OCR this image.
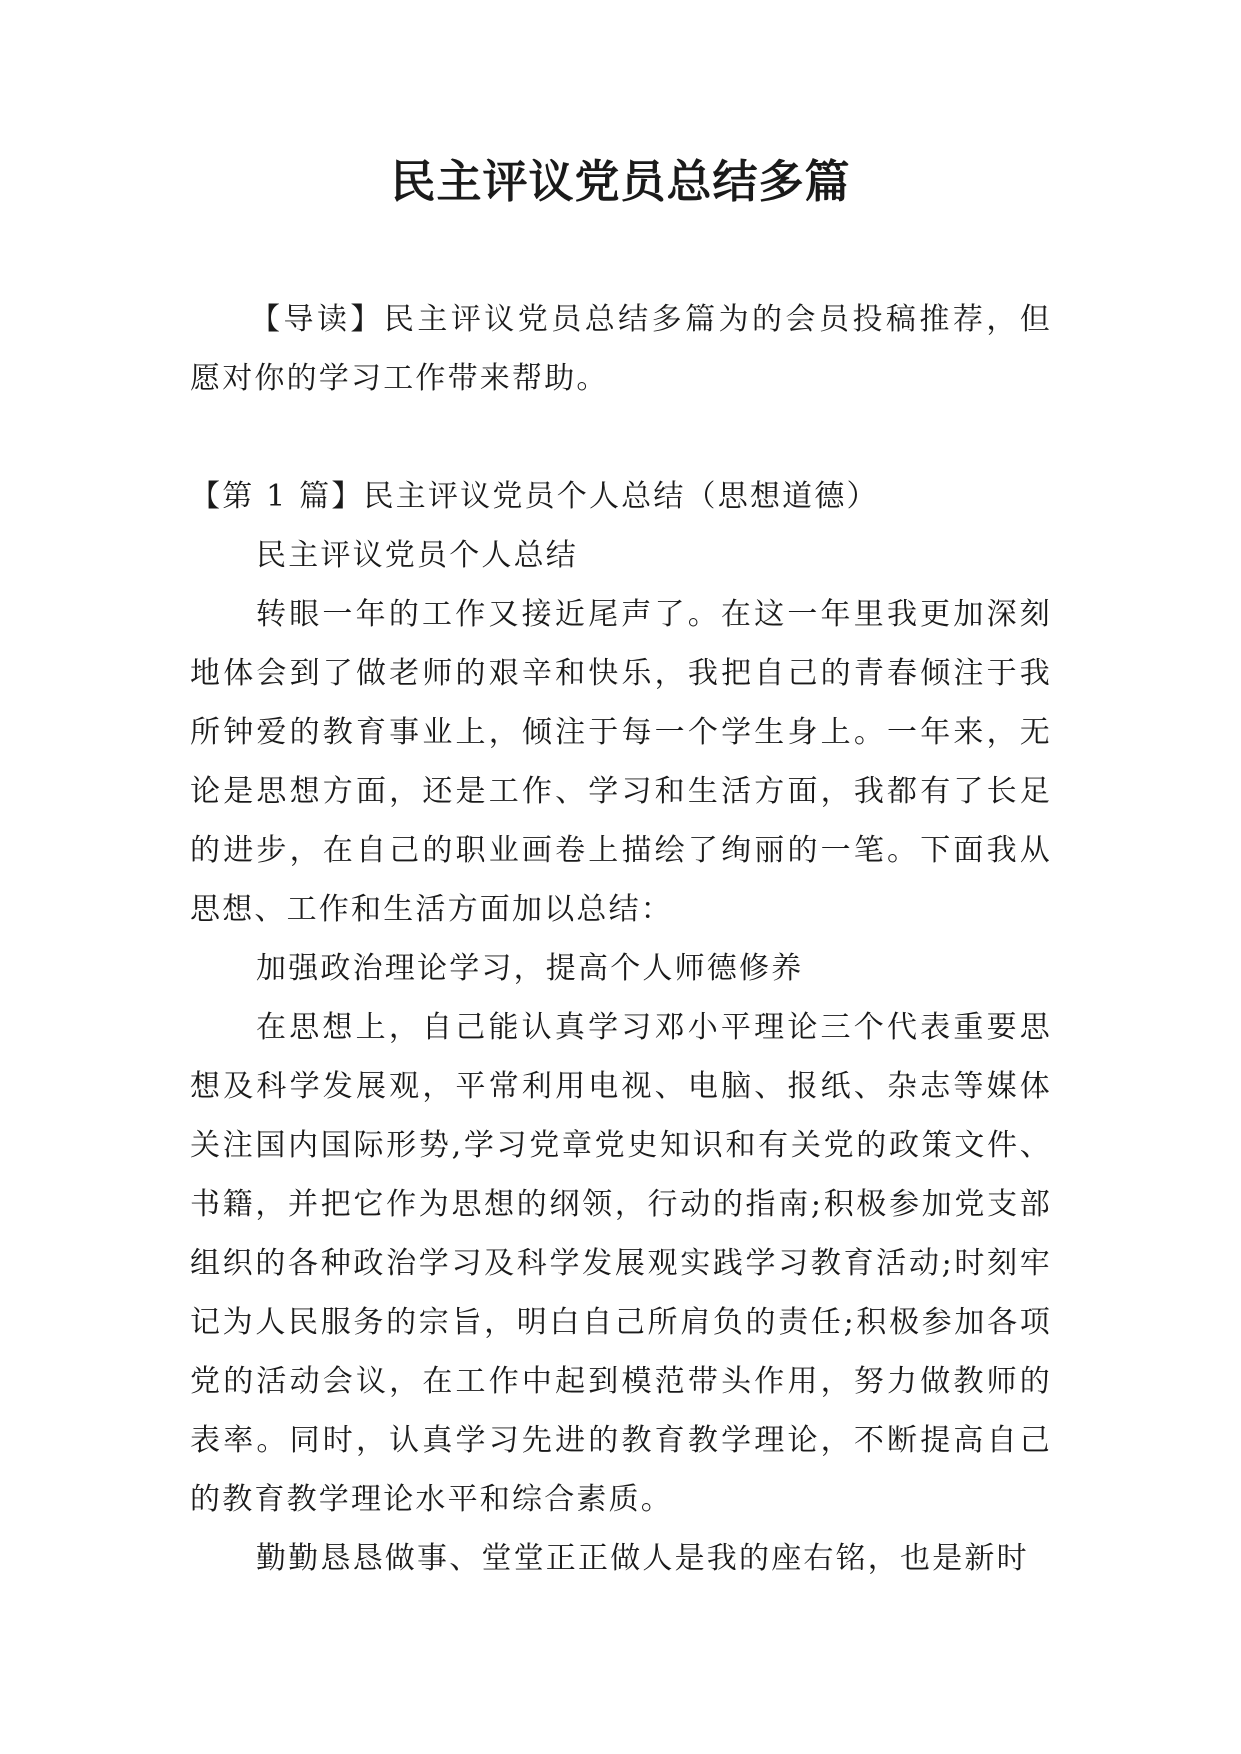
民主评议党员总结多篇

【导读】民主评议党员总结多篇为的会员投稿推荐，但愿对你的学习工作带来帮助。

【第 1 篇】民主评议党员个人总结（思想道德）

民主评议党员个人总结

转眼一年的工作又接近尾声了。在这一年里我更加深刻地体会到了做老师的艰辛和快乐，我把自己的青春倾注于我所钟爱的教育事业上，倾注于每一个学生身上。一年来，无论是思想方面，还是工作、学习和生活方面，我都有了长足的进步，在自己的职业画卷上描绘了绚丽的一笔。下面我从思想、工作和生活方面加以总结：

加强政治理论学习，提高个人师德修养

在思想上，自己能认真学习邓小平理论三个代表重要思想及科学发展观，平常利用电视、电脑、报纸、杂志等媒体关注国内国际形势,学习党章党史知识和有关党的政策文件、书籍，并把它作为思想的纲领，行动的指南;积极参加党支部组织的各种政治学习及科学发展观实践学习教育活动;时刻牢记为人民服务的宗旨，明白自己所肩负的责任;积极参加各项党的活动会议，在工作中起到模范带头作用，努力做教师的表率。同时，认真学习先进的教育教学理论，不断提高自己的教育教学理论水平和综合素质。

勤勤恳恳做事、堂堂正正做人是我的座右铭，也是新时
